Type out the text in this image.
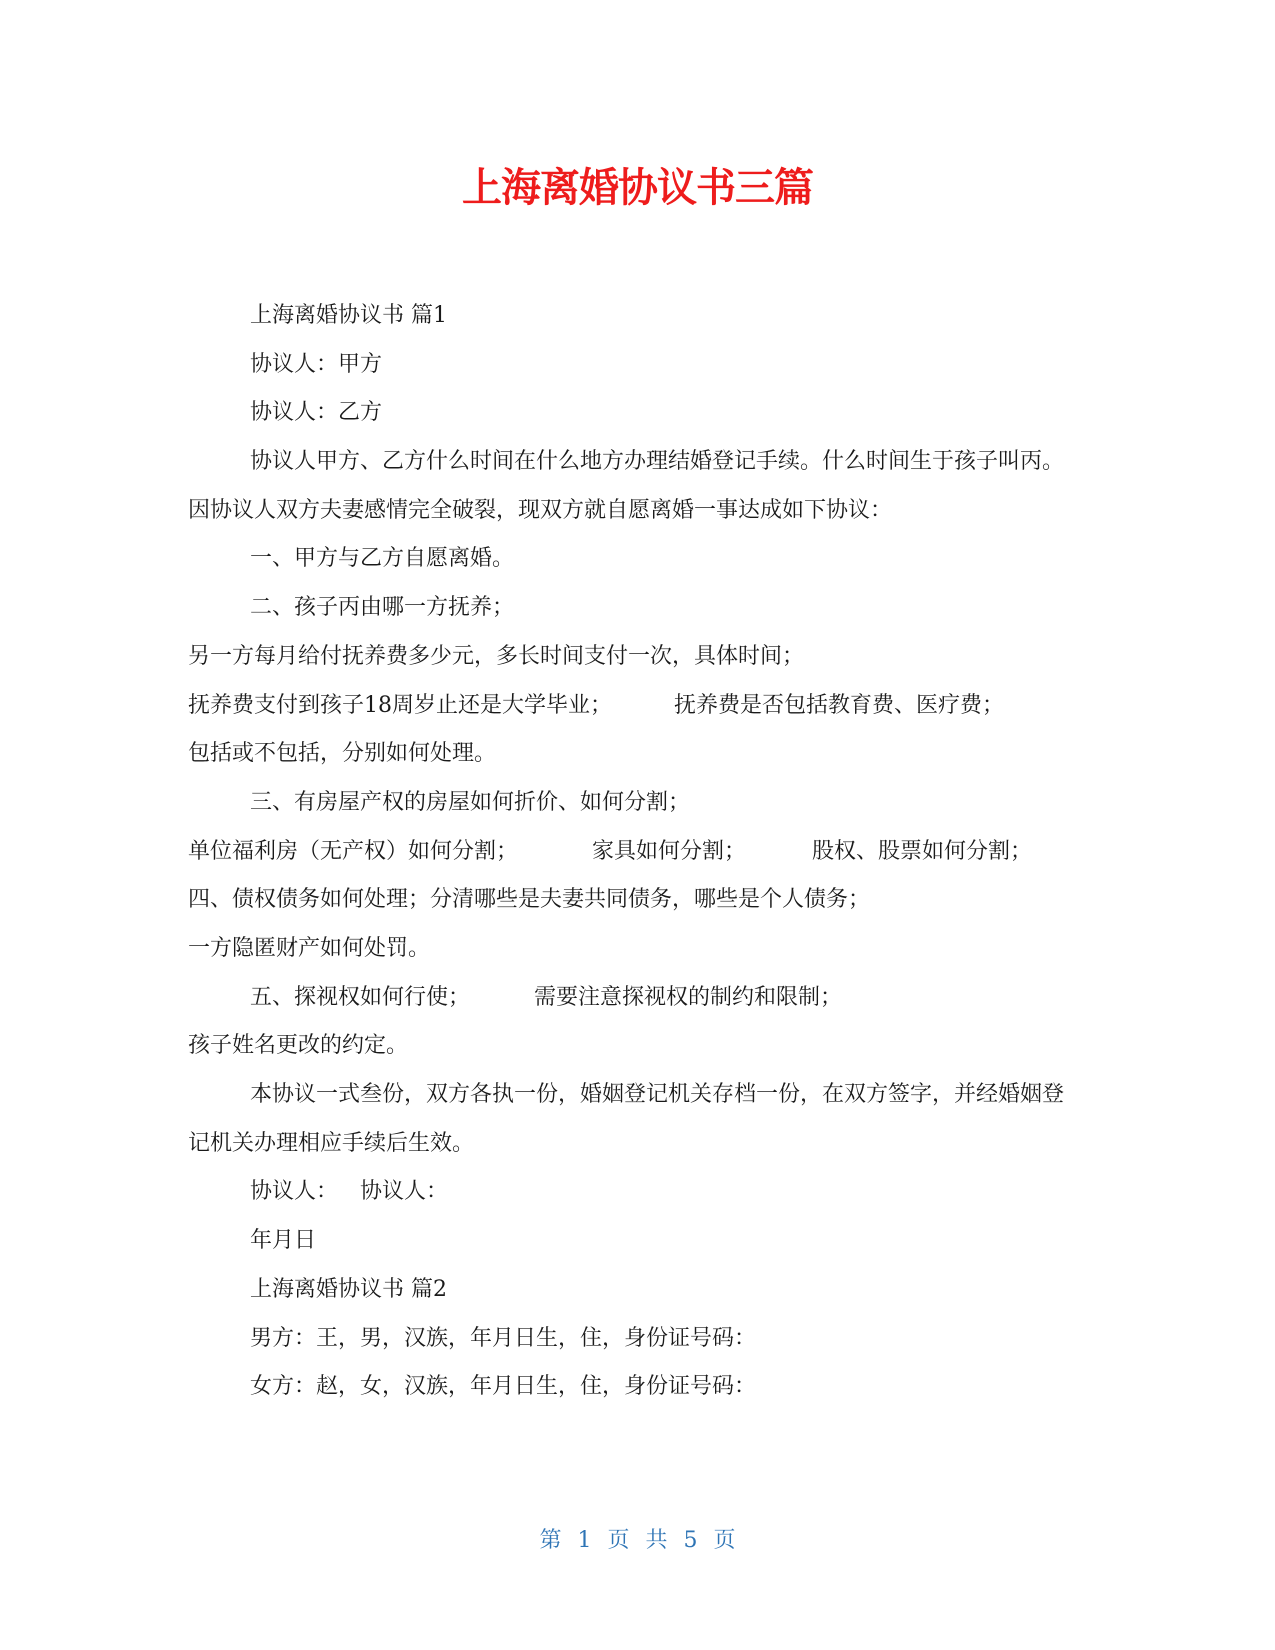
上海离婚协议书三篇

上海离婚协议书 篇1

协议人：甲方

协议人：乙方

协议人甲方、乙方什么时间在什么地方办理结婚登记手续。什么时间生于孩子叫丙。因协议人双方夫妻感情完全破裂，现双方就自愿离婚一事达成如下协议：

一、甲方与乙方自愿离婚。

二、孩子丙由哪一方抚养；

另一方每月给付抚养费多少元，多长时间支付一次，具体时间；

抚养费支付到孩子18周岁止还是大学毕业；	抚养费是否包括教育费、医疗费；

包括或不包括，分别如何处理。

三、有房屋产权的房屋如何折价、如何分割；

单位福利房（无产权）如何分割；	家具如何分割；	股权、股票如何分割；

四、债权债务如何处理；分清哪些是夫妻共同债务，哪些是个人债务；

一方隐匿财产如何处罚。

五、探视权如何行使；	需要注意探视权的制约和限制；

孩子姓名更改的约定。

本协议一式叁份，双方各执一份，婚姻登记机关存档一份，在双方签字，并经婚姻登记机关办理相应手续后生效。

协议人： 协议人：

年月日

上海离婚协议书 篇2

男方：王，男，汉族，年月日生，住，身份证号码：

女方：赵，女，汉族，年月日生，住，身份证号码：

第 1 页 共 5 页
